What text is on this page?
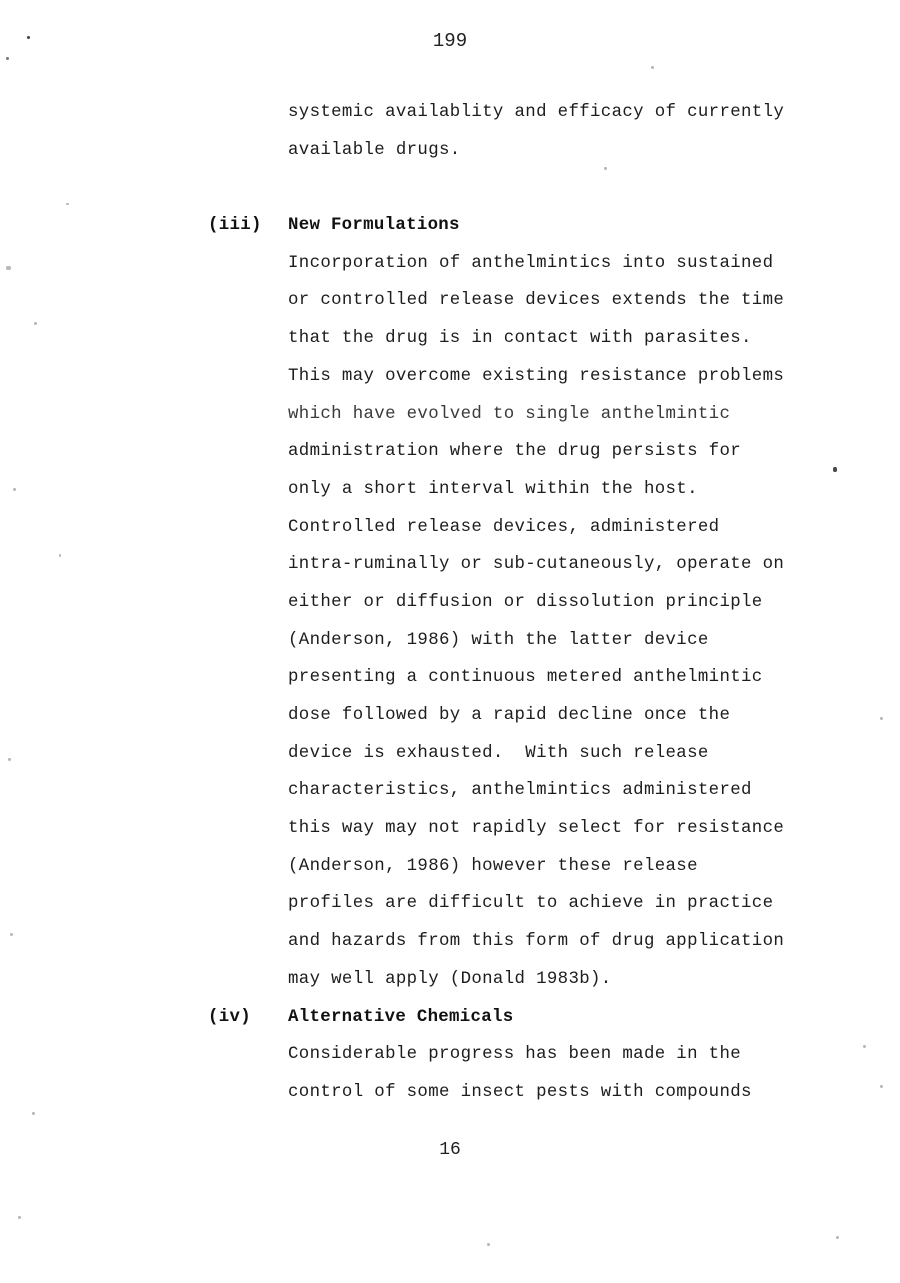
199
systemic availablity and efficacy of currently
available drugs.
(iii) New Formulations
Incorporation of anthelmintics into sustained
or controlled release devices extends the time
that the drug is in contact with parasites.
This may overcome existing resistance problems
which have evolved to single anthelmintic
administration where the drug persists for
only a short interval within the host.
Controlled release devices, administered
intra-ruminally or sub-cutaneously, operate on
either or diffusion or dissolution principle
(Anderson, 1986) with the latter device
presenting a continuous metered anthelmintic
dose followed by a rapid decline once the
device is exhausted.  With such release
characteristics, anthelmintics administered
this way may not rapidly select for resistance
(Anderson, 1986) however these release
profiles are difficult to achieve in practice
and hazards from this form of drug application
may well apply (Donald 1983b).
(iv) Alternative Chemicals
Considerable progress has been made in the
control of some insect pests with compounds
16
